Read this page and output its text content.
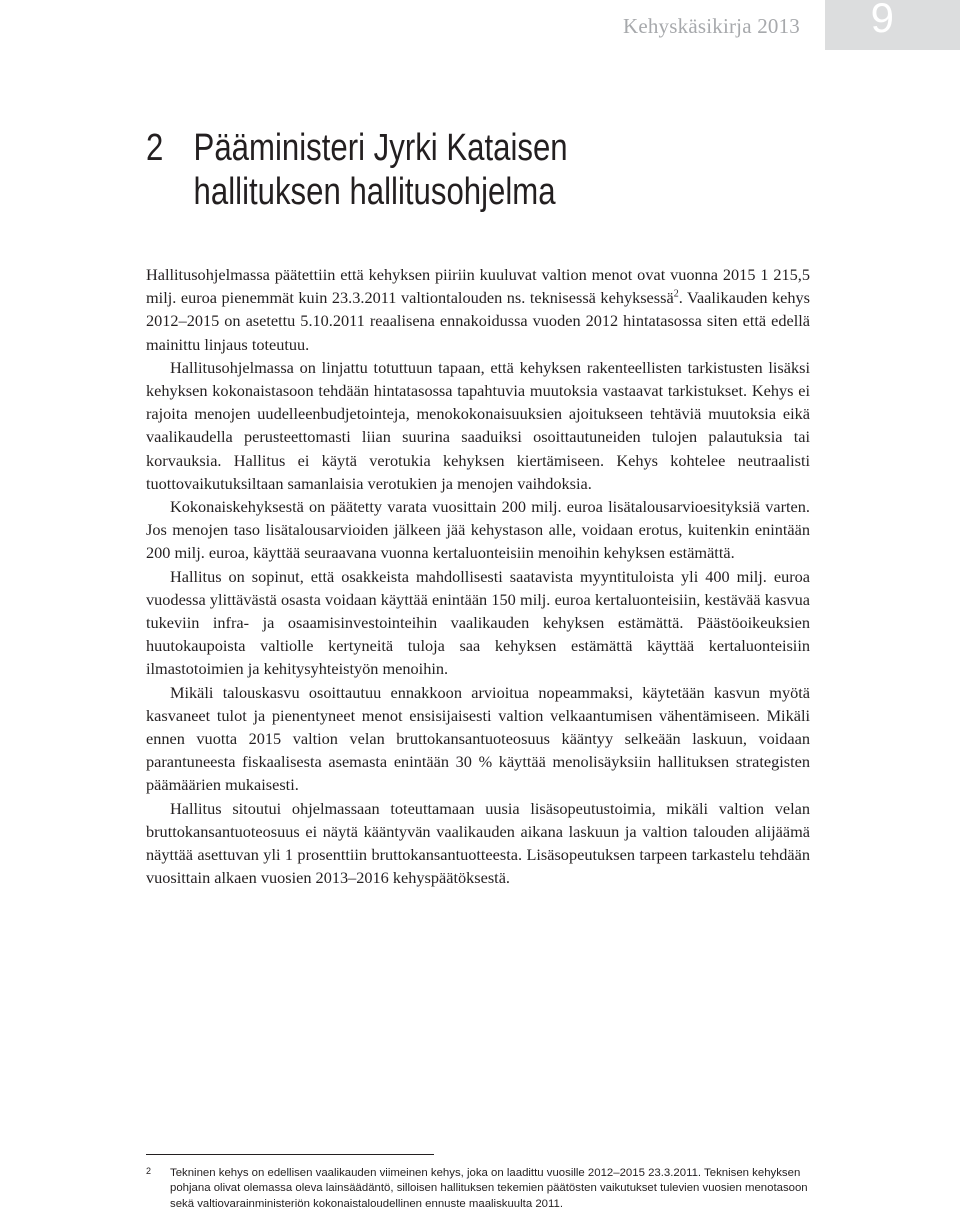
9
Kehyskäsikirja 2013
2 Pääministeri Jyrki Kataisen
hallituksen hallitusohjelma

Hallitusohjelmassa päätettiin että kehyksen piiriin kuuluvat valtion menot ovat vuonna 2015 1 215,5 milj. euroa pienemmät kuin 23.3.2011 valtiontalouden ns. teknisessä kehyksessä$^2$. Vaalikauden kehys 2012–2015 on asetettu 5.10.2011 reaalisena ennakoidussa vuoden 2012 hintatasossa siten että edellä mainittu linjaus toteutuu.

Hallitusohjelmassa on linjattu totuttuun tapaan, että kehyksen rakenteellisten tarkistusten lisäksi kehyksen kokonaistasoon tehdään hintatasossa tapahtuvia muutoksia vastaavat tarkistukset. Kehys ei rajoita menojen uudelleenbudjetointeja, menokokonaisuuksien ajoitukseen tehtäviä muutoksia eikä vaalikaudella perusteettomasti liian suurina saaduiksi osoittautuneiden tulojen palautuksia tai korvauksia. Hallitus ei käytä verotukia kehyksen kiertämiseen. Kehys kohtelee neutraalisti tuottovaikutuksiltaan samanlaisia verotukien ja menojen vaihdoksia.

Kokonaiskehyksestä on päätetty varata vuosittain 200 milj. euroa lisätalousarvioesityksiä varten. Jos menojen taso lisätalousarvioiden jälkeen jää kehystason alle, voidaan erotus, kuitenkin enintään 200 milj. euroa, käyttää seuraavana vuonna kertaluonteisiin menoihin kehyksen estämättä.

Hallitus on sopinut, että osakkeista mahdollisesti saatavista myyntituloista yli 400 milj. euroa vuodessa ylittävästä osasta voidaan käyttää enintään 150 milj. euroa kertaluonteisiin, kestävää kasvua tukeviin infra- ja osaamisinvestointeihin vaalikauden kehyksen estämättä. Päästöoikeuksien huutokaupoista valtiolle kertyneitä tuloja saa kehyksen estämättä käyttää kertaluonteisiin ilmastotoimien ja kehitysyhteistyön menoihin.

Mikäli talouskasvu osoittautuu ennakkoon arvioitua nopeammaksi, käytetään kasvun myötä kasvaneet tulot ja pienentyneet menot ensisijaisesti valtion velkaantumisen vähentämiseen. Mikäli ennen vuotta 2015 valtion velan bruttokansantuoteosuus kääntyy selkeään laskuun, voidaan parantuneesta fiskaalisesta asemasta enintään 30 % käyttää menolisäyksiin hallituksen strategisten päämäärien mukaisesti.

Hallitus sitoutui ohjelmassaan toteuttamaan uusia lisäsopeutustoimia, mikäli valtion velan bruttokansantuoteosuus ei näytä kääntyvän vaalikauden aikana laskuun ja valtion talouden alijäämä näyttää asettuvan yli 1 prosenttiin bruttokansantuotteesta. Lisäsopeutuksen tarpeen tarkastelu tehdään vuosittain alkaen vuosien 2013–2016 kehyspäätöksestä.

2 Tekninen kehys on edellisen vaalikauden viimeinen kehys, joka on laadittu vuosille 2012–2015 23.3.2011. Teknisen kehyksen pohjana olivat olemassa oleva lainsäädäntö, silloisen hallituksen tekemien päätösten vaikutukset tulevien vuosien menotasoon sekä valtiovarainministeriön kokonaistaloudellinen ennuste maaliskuulta 2011.
